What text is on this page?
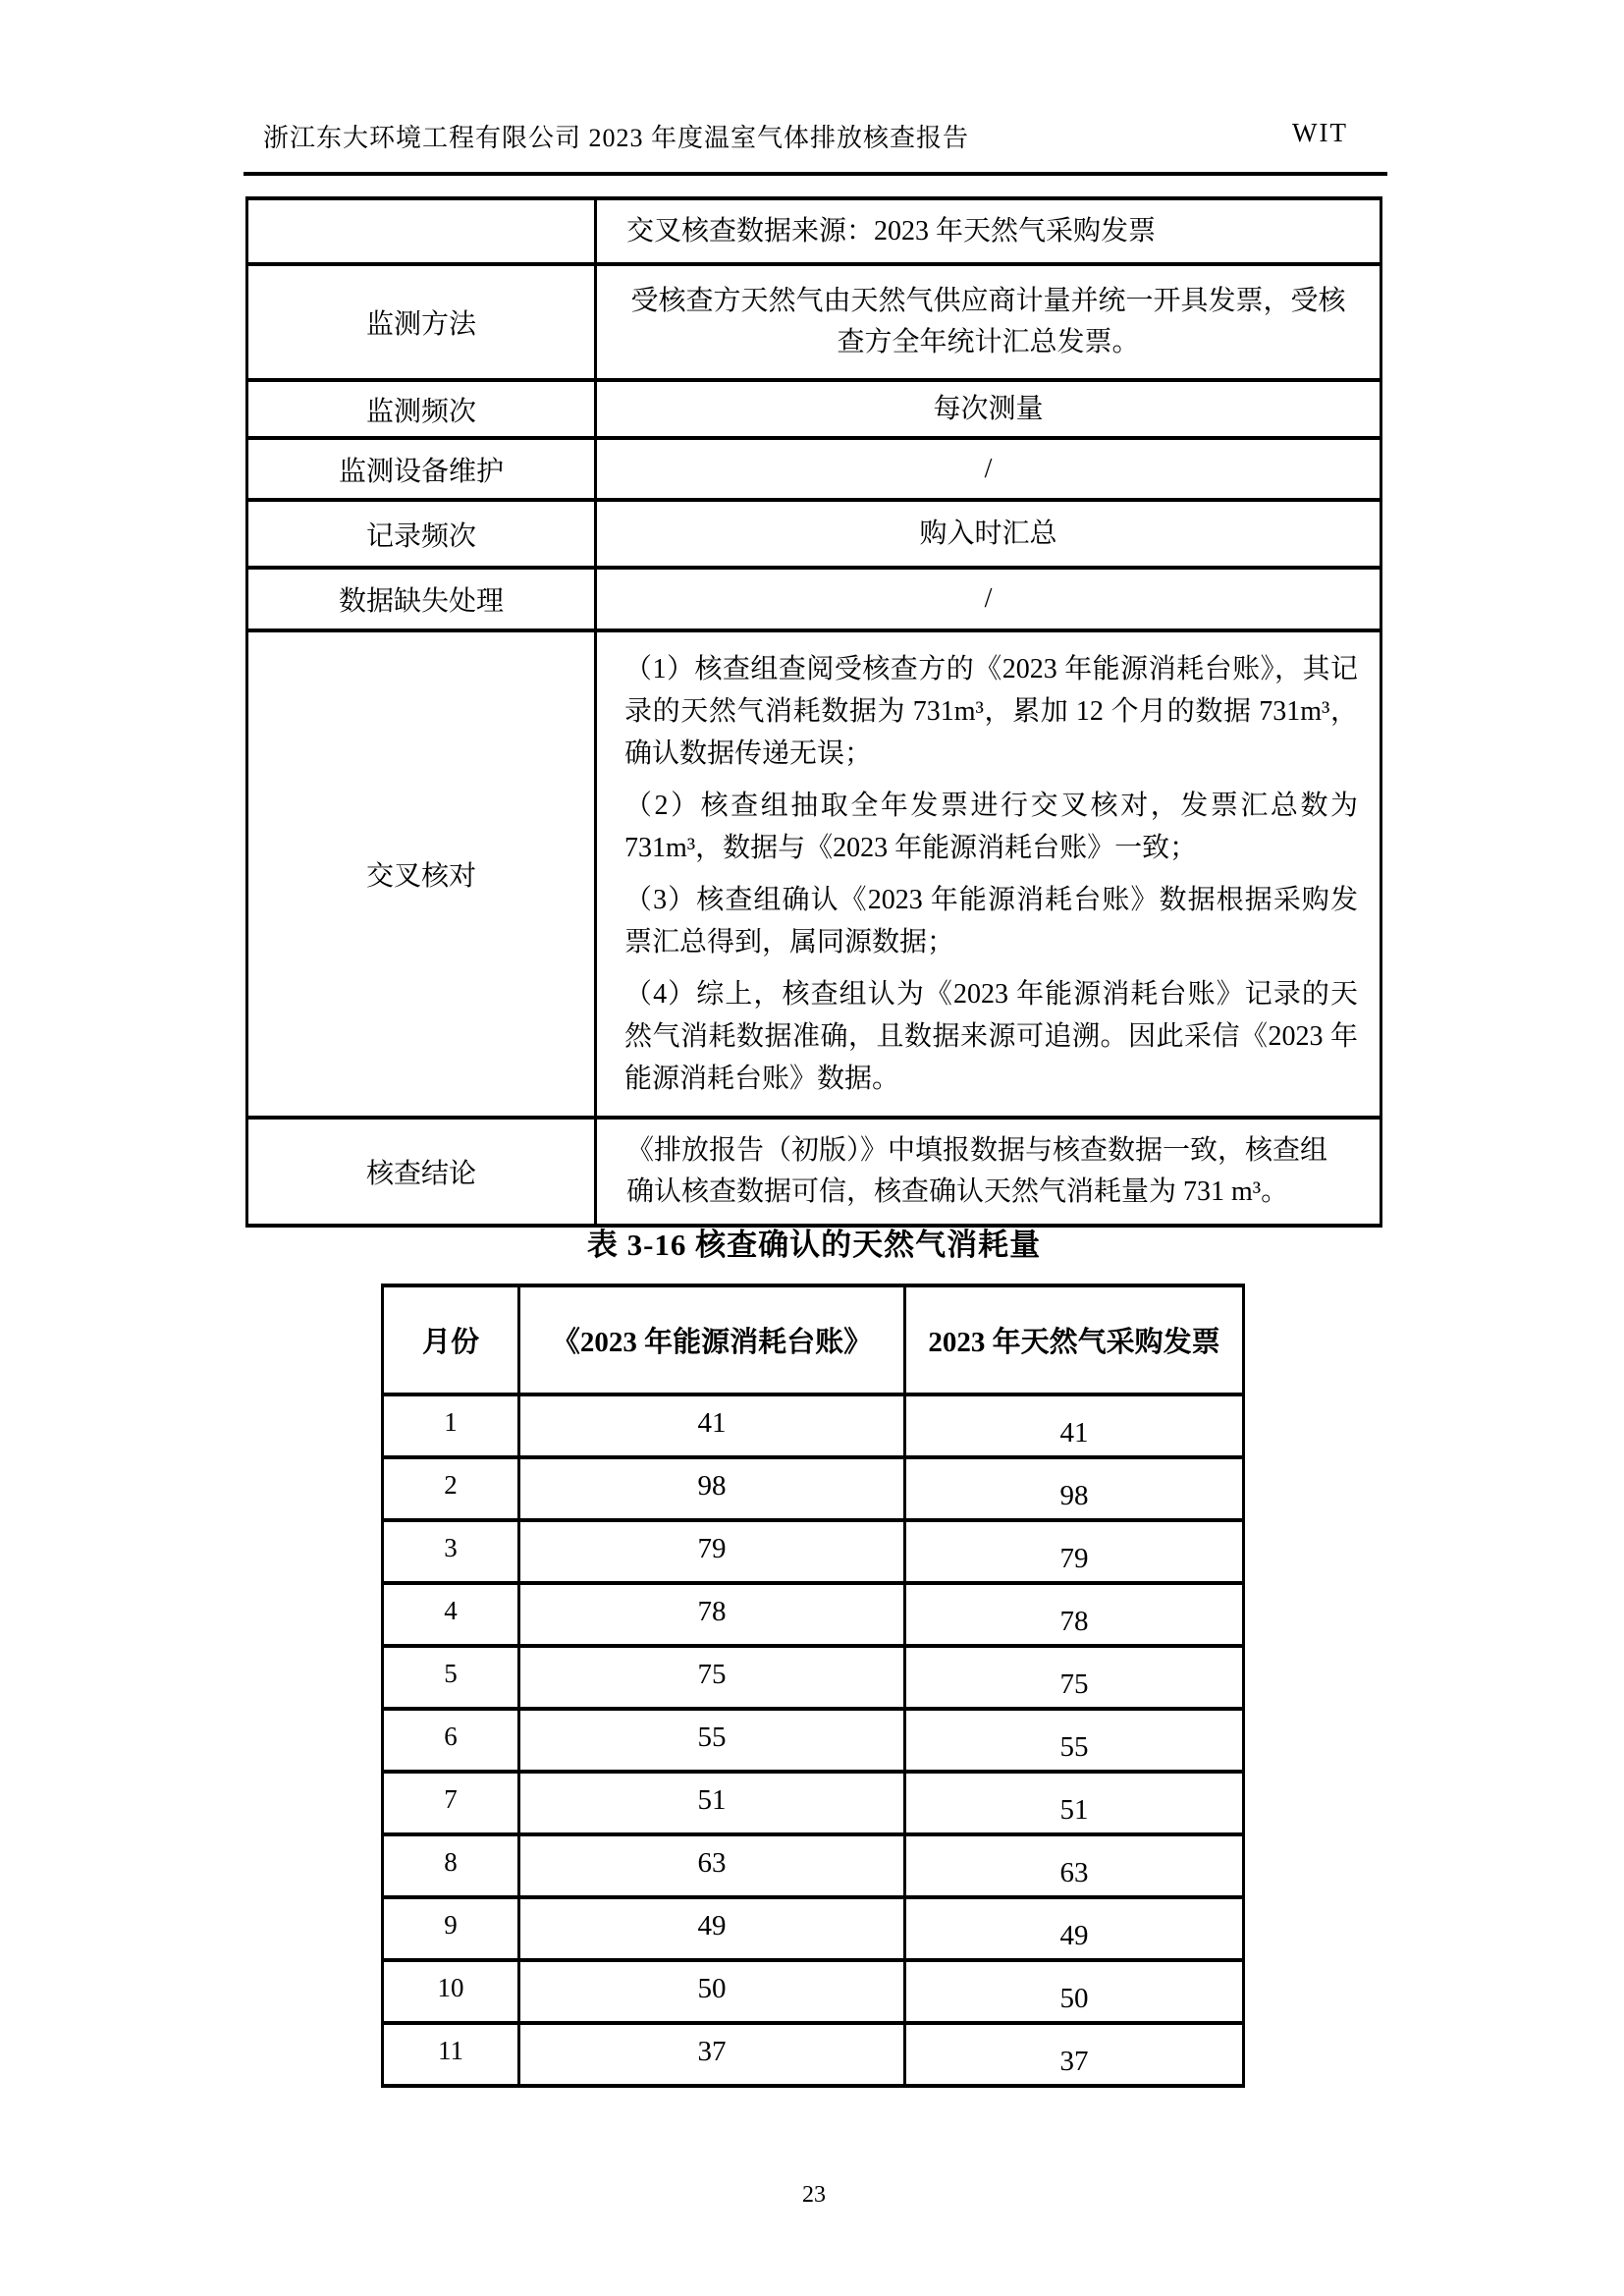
浙江东大环境工程有限公司 2023 年度温室气体排放核查报告	WIT
	交叉核查数据来源：2023 年天然气采购发票
监测方法	受核查方天然气由天然气供应商计量并统一开具发票，受核查方全年统计汇总发票。
监测频次	每次测量
监测设备维护	/
记录频次	购入时汇总
数据缺失处理	/
交叉核对	（1）核查组查阅受核查方的《2023 年能源消耗台账》，其记录的天然气消耗数据为 731m³，累加 12 个月的数据 731m³，确认数据传递无误；

（2）核查组抽取全年发票进行交叉核对，发票汇总数为 731m³，数据与《2023 年能源消耗台账》一致；

（3）核查组确认《2023 年能源消耗台账》数据根据采购发票汇总得到，属同源数据；

（4）综上，核查组认为《2023 年能源消耗台账》记录的天然气消耗数据准确，且数据来源可追溯。因此采信《2023 年能源消耗台账》数据。

核查结论	《排放报告（初版）》中填报数据与核查数据一致，核查组确认核查数据可信，核查确认天然气消耗量为 731 m³。
表 3-16 核查确认的天然气消耗量
月份	《2023 年能源消耗台账》	2023 年天然气采购发票
1	41	41
2	98	98
3	79	79
4	78	78
5	75	75
6	55	55
7	51	51
8	63	63
9	49	49
10	50	50
11	37	37
23
